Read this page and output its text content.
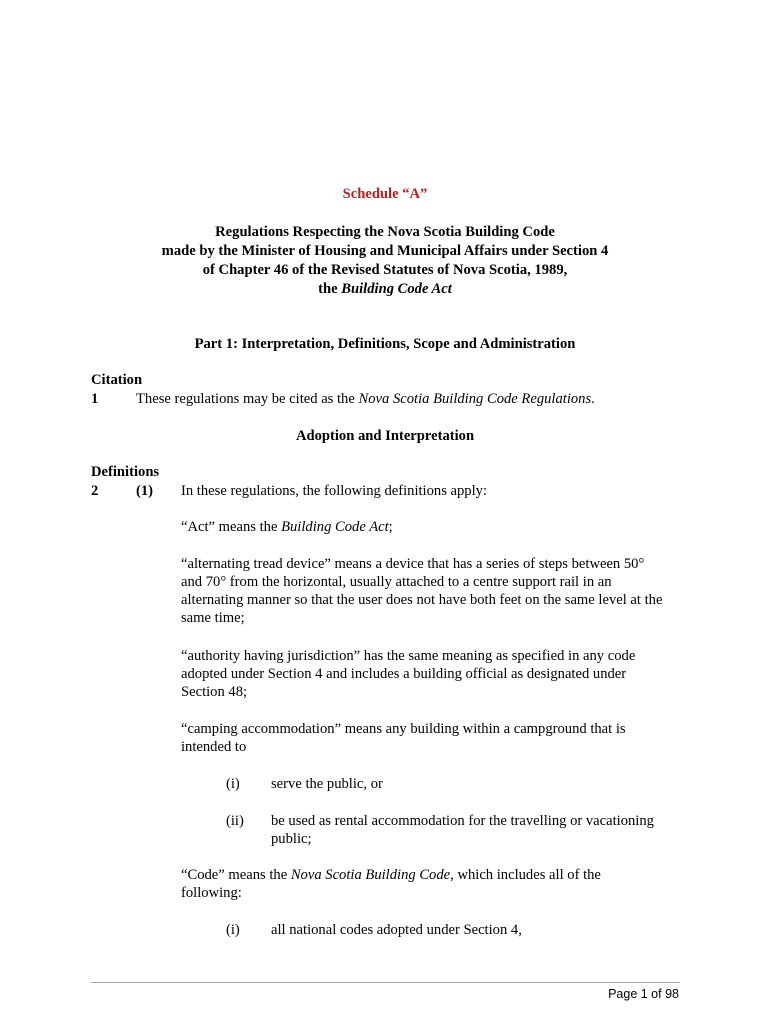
Schedule “A”
Regulations Respecting the Nova Scotia Building Code
made by the Minister of Housing and Municipal Affairs under Section 4
of Chapter 46 of the Revised Statutes of Nova Scotia, 1989,
the Building Code Act
Part 1: Interpretation, Definitions, Scope and Administration
Citation
1	These regulations may be cited as the Nova Scotia Building Code Regulations.
Adoption and Interpretation
Definitions
2	(1) In these regulations, the following definitions apply:
“Act” means the Building Code Act;
“alternating tread device” means a device that has a series of steps between 50°
and 70° from the horizontal, usually attached to a centre support rail in an
alternating manner so that the user does not have both feet on the same level at the
same time;
“authority having jurisdiction” has the same meaning as specified in any code
adopted under Section 4 and includes a building official as designated under
Section 48;
“camping accommodation” means any building within a campground that is
intended to
(i) serve the public, or
(ii) be used as rental accommodation for the travelling or vacationing
public;
“Code” means the Nova Scotia Building Code, which includes all of the
following:
(i) all national codes adopted under Section 4,
Page 1 of 98
